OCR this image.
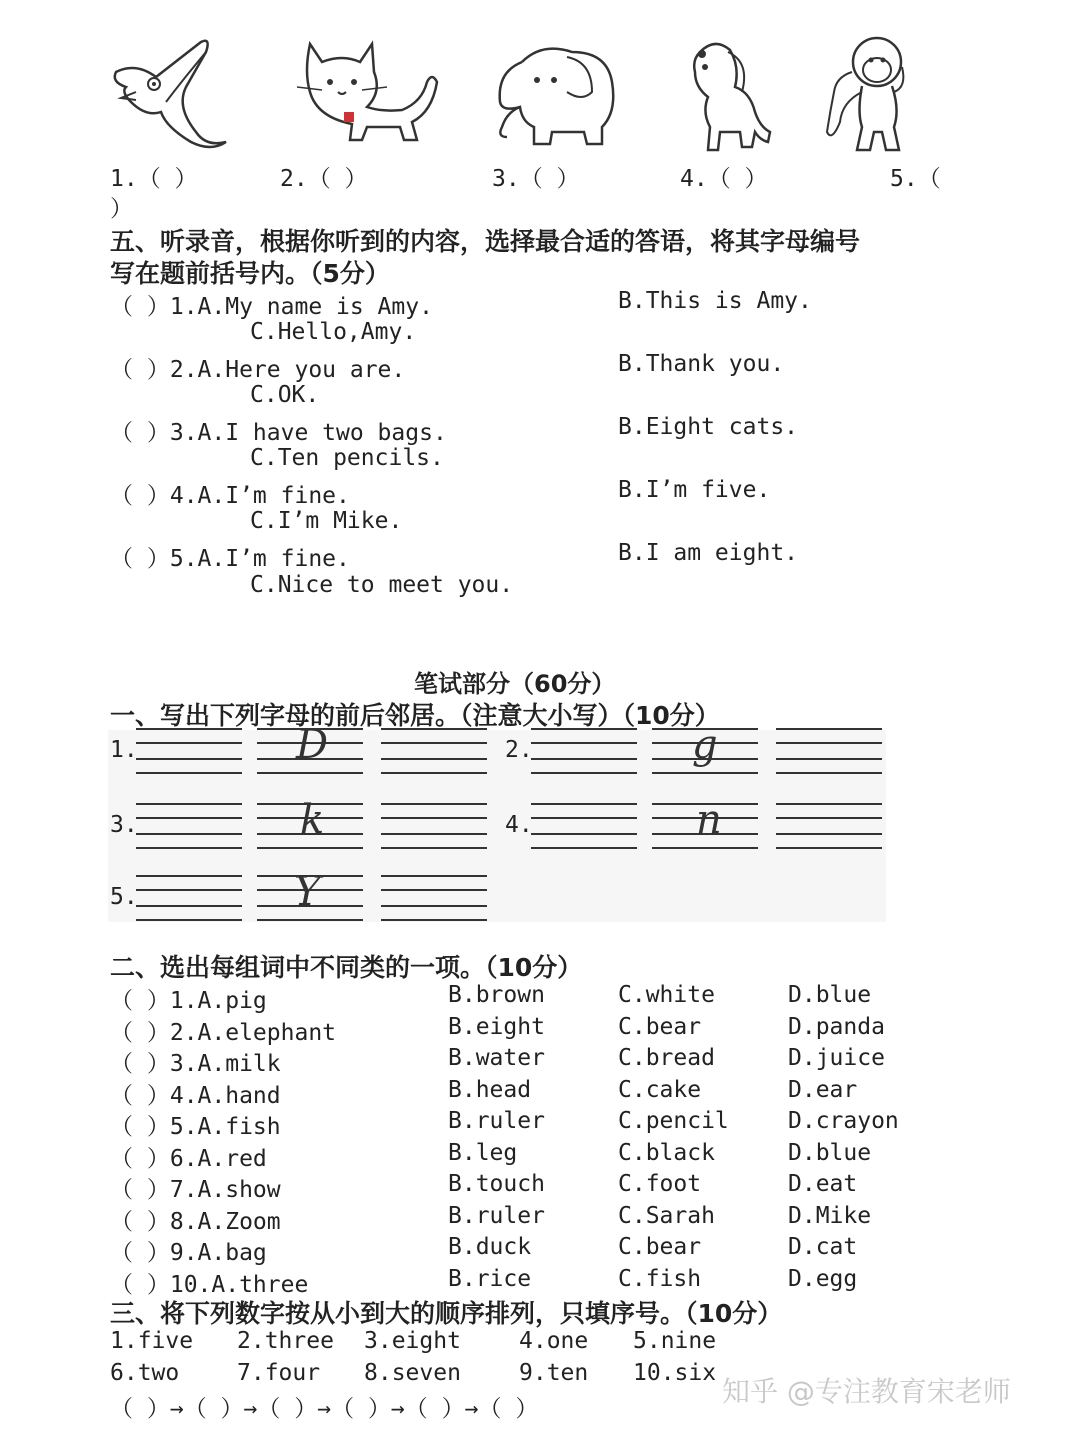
1.（ ）	2.（ ）	3.（ ）	4.（ ）	5.（
）
五、听录音，根据你听到的内容，选择最合适的答语，将其字母编号
写在题前括号内。（5分）
（ ）1.A.My name is Amy.	B.This is Amy.
C.Hello,Amy.
（ ）2.A.Here you are.	B.Thank you.
C.OK.
（ ）3.A.I have two bags.	B.Eight cats.
C.Ten pencils.
（ ）4.A.I’m fine.	B.I’m five.
C.I’m Mike.
（ ）5.A.I’m fine.	B.I am eight.
C.Nice to meet you.
笔试部分（60分）
一、写出下列字母的前后邻居。（注意大小写）（10分）
1.	D	2.	g
3.	k	4.	n
5.	Y
二、选出每组词中不同类的一项。（10分）
（ ）1.A.pig	B.brown	C.white	D.blue
（ ）2.A.elephant	B.eight	C.bear	D.panda
（ ）3.A.milk	B.water	C.bread	D.juice
（ ）4.A.hand	B.head	C.cake	D.ear
（ ）5.A.fish	B.ruler	C.pencil	D.crayon
（ ）6.A.red	B.leg	C.black	D.blue
（ ）7.A.show	B.touch	C.foot	D.eat
（ ）8.A.Zoom	B.ruler	C.Sarah	D.Mike
（ ）9.A.bag	B.duck	C.bear	D.cat
（ ）10.A.three	B.rice	C.fish	D.egg
三、将下列数字按从小到大的顺序排列，只填序号。（10分）
1.five 2.three 3.eight	4.one 5.nine
6.two	7.four 8.seven	9.ten 10.six
（ ）→（ ）→（ ）→（ ）→（ ）→（ ）
知乎 @专注教育宋老师
